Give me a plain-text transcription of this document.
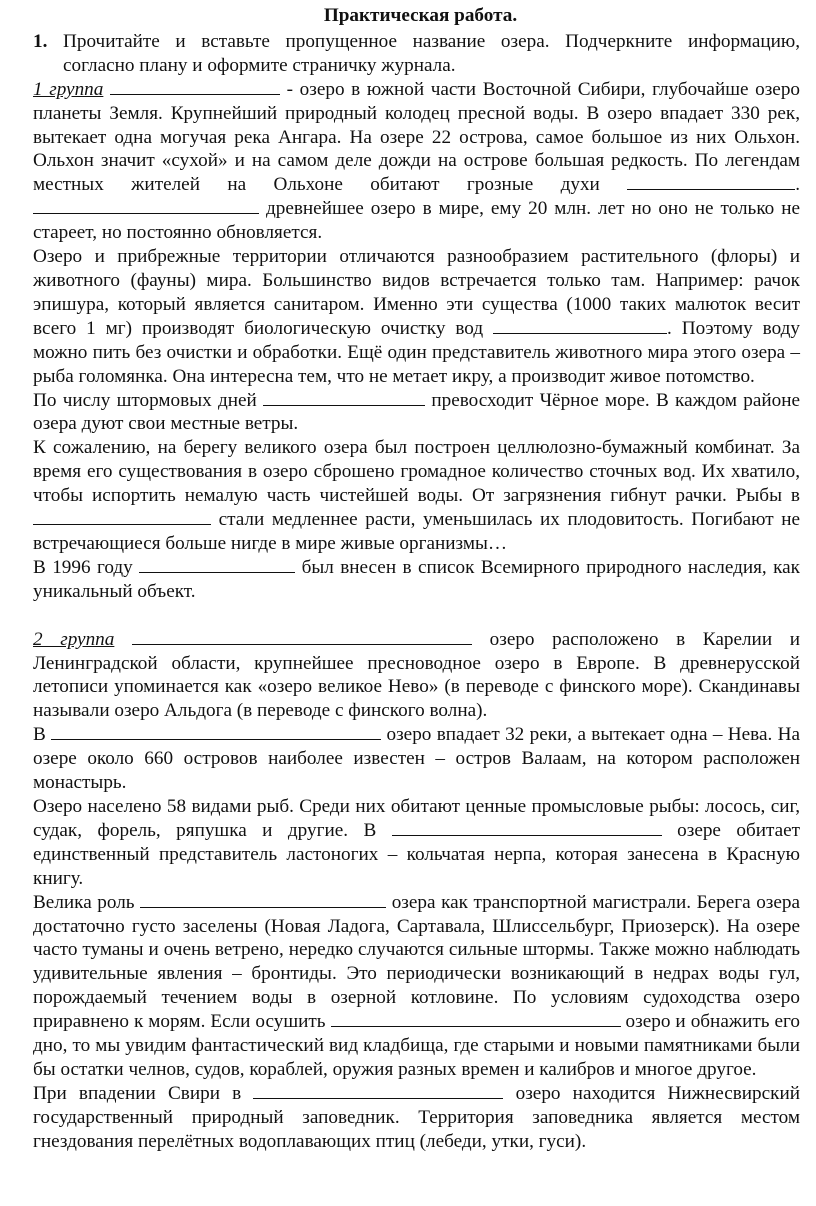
Практическая работа.
1. Прочитайте и вставьте пропущенное название озера. Подчеркните информацию, согласно плану и оформите страничку журнала.

1 группа	- озеро в южной части Восточной Сибири, глубочайше озеро планеты Земля. Крупнейший природный колодец пресной воды. В озеро впадает 330 рек, вытекает одна могучая река Ангара. На озере 22 острова, самое большое из них Ольхон. Ольхон значит «сухой» и на самом деле дожди на острове большая редкость. По легендам местных жителей на Ольхоне обитают грозные духи	.  древнейшее озеро в мире, ему 20 млн. лет но оно не только не стареет, но постоянно обновляется.

Озеро и прибрежные территории отличаются разнообразием растительного (флоры) и животного (фауны) мира. Большинство видов встречается только там. Например: рачок эпишура, который является санитаром. Именно эти существа (1000 таких малюток весит всего 1 мг) производят биологическую очистку вод	. Поэтому воду можно пить без очистки и обработки. Ещё один представитель животного мира этого озера – рыба голомянка. Она интересна тем, что не метает икру, а производит живое потомство.

По числу штормовых дней	превосходит Чёрное море. В каждом районе озера дуют свои местные ветры.

К сожалению, на берегу великого озера был построен целлюлозно-бумажный комбинат. За время его существования в озеро сброшено громадное количество сточных вод. Их хватило, чтобы испортить немалую часть чистейшей воды. От загрязнения гибнут рачки. Рыбы в  стали медленнее расти, уменьшилась их плодовитость. Погибают не встречающиеся больше нигде в мире живые организмы…

В 1996 году	был внесен в список Всемирного природного наследия, как уникальный объект.

2 группа	озеро расположено в Карелии и Ленинградской области, крупнейшее пресноводное озеро в Европе. В древнерусской летописи упоминается как «озеро великое Нево» (в переводе с финского море). Скандинавы называли озеро Альдога (в переводе с финского волна).

В	озеро впадает 32 реки, а вытекает одна – Нева. На озере около 660 островов наиболее известен – остров Валаам, на котором расположен монастырь.

Озеро населено 58 видами рыб. Среди них обитают ценные промысловые рыбы: лосось, сиг, судак, форель, ряпушка и другие. В	озере обитает единственный представитель ластоногих – кольчатая нерпа, которая занесена в Красную книгу.

Велика роль	озера как транспортной магистрали. Берега озера достаточно густо заселены (Новая Ладога, Сартавала, Шлиссельбург, Приозерск). На озере часто туманы и очень ветрено, нередко случаются сильные штормы. Также можно наблюдать удивительные явления – бронтиды. Это периодически возникающий в недрах воды гул, порождаемый течением воды в озерной котловине. По условиям судоходства озеро приравнено к морям. Если осушить	озеро и обнажить его дно, то мы увидим фантастический вид кладбища, где старыми и новыми памятниками были бы остатки челнов, судов, кораблей, оружия разных времен и калибров и многое другое.

При впадении Свири в	озеро находится Нижнесвирский государственный природный заповедник. Территория заповедника является местом гнездования перелётных водоплавающих птиц (лебеди, утки, гуси).
